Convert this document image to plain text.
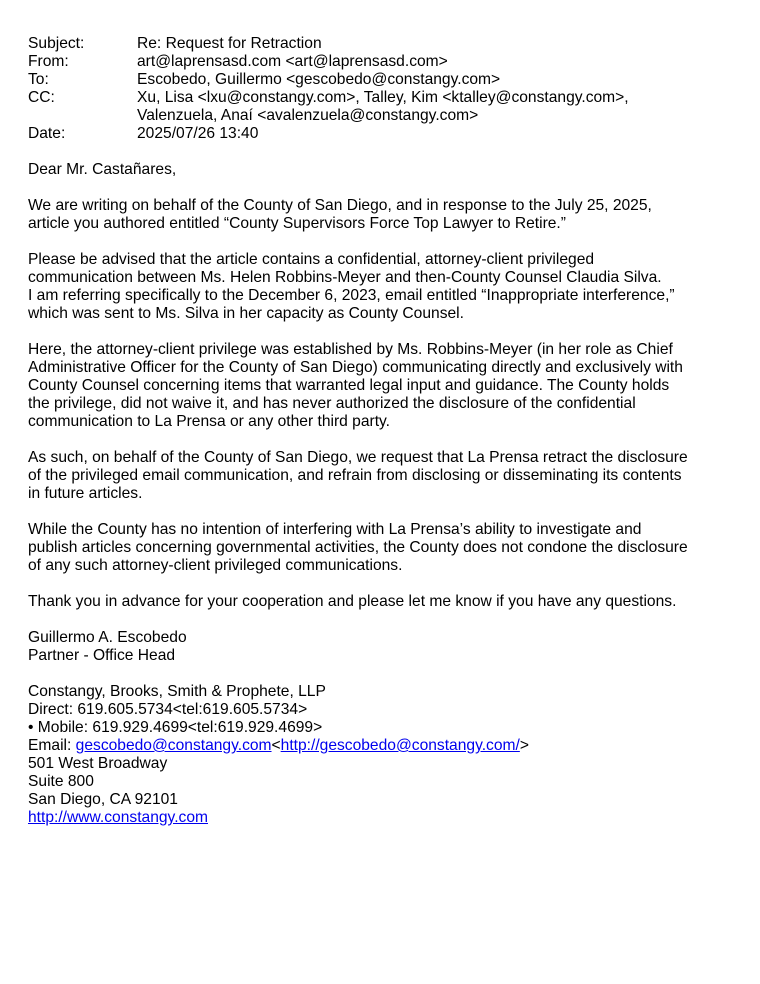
Subject:	Re: Request for Retraction
From:	art@laprensasd.com <art@laprensasd.com>
To:	Escobedo, Guillermo <gescobedo@constangy.com>
CC:	Xu, Lisa <lxu@constangy.com>, Talley, Kim <ktalley@constangy.com>,
Valenzuela, Anaí <avalenzuela@constangy.com>

Date:	2025/07/26 13:40

Dear Mr. Castañares,

We are writing on behalf of the County of San Diego, and in response to the July 25, 2025,
article you authored entitled “County Supervisors Force Top Lawyer to Retire.”

Please be advised that the article contains a confidential, attorney-client privileged
communication between Ms. Helen Robbins-Meyer and then-County Counsel Claudia Silva.
I am referring specifically to the December 6, 2023, email entitled “Inappropriate interference,”
which was sent to Ms. Silva in her capacity as County Counsel.

Here, the attorney-client privilege was established by Ms. Robbins-Meyer (in her role as Chief
Administrative Officer for the County of San Diego) communicating directly and exclusively with
County Counsel concerning items that warranted legal input and guidance. The County holds
the privilege, did not waive it, and has never authorized the disclosure of the confidential
communication to La Prensa or any other third party.

As such, on behalf of the County of San Diego, we request that La Prensa retract the disclosure
of the privileged email communication, and refrain from disclosing or disseminating its contents
in future articles.

While the County has no intention of interfering with La Prensa’s ability to investigate and
publish articles concerning governmental activities, the County does not condone the disclosure
of any such attorney-client privileged communications.

Thank you in advance for your cooperation and please let me know if you have any questions.

Guillermo A. Escobedo
Partner - Office Head
Constangy, Brooks, Smith & Prophete, LLP
Direct: 619.605.5734<tel:619.605.5734>
• Mobile: 619.929.4699<tel:619.929.4699>
Email: gescobedo@constangy.com<http://gescobedo@constangy.com/>
501 West Broadway
Suite 800
San Diego, CA 92101
http://www.constangy.com
